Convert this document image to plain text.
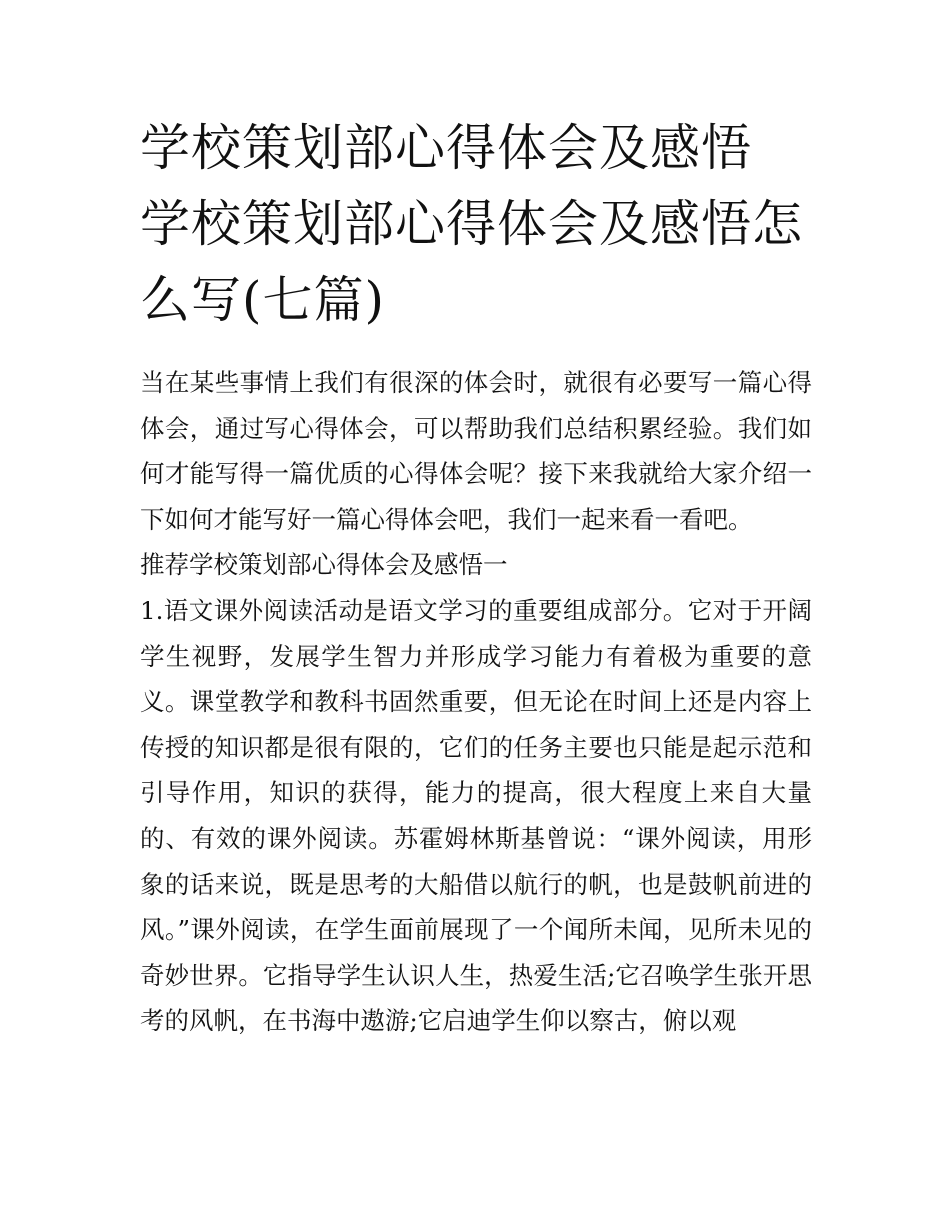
学校策划部心得体会及感悟 学校策划部心得体会及感悟怎么写(七篇)

当在某些事情上我们有很深的体会时，就很有必要写一篇心得体会，通过写心得体会，可以帮助我们总结积累经验。我们如何才能写得一篇优质的心得体会呢？接下来我就给大家介绍一下如何才能写好一篇心得体会吧，我们一起来看一看吧。

推荐学校策划部心得体会及感悟一

1.语文课外阅读活动是语文学习的重要组成部分。它对于开阔学生视野，发展学生智力并形成学习能力有着极为重要的意义。课堂教学和教科书固然重要，但无论在时间上还是内容上传授的知识都是很有限的，它们的任务主要也只能是起示范和引导作用，知识的获得，能力的提高，很大程度上来自大量的、有效的课外阅读。苏霍姆林斯基曾说：“课外阅读，用形象的话来说，既是思考的大船借以航行的帆，也是鼓帆前进的风。”课外阅读，在学生面前展现了一个闻所未闻，见所未见的奇妙世界。它指导学生认识人生，热爱生活;它召唤学生张开思考的风帆，在书海中遨游;它启迪学生仰以察古，俯以观
